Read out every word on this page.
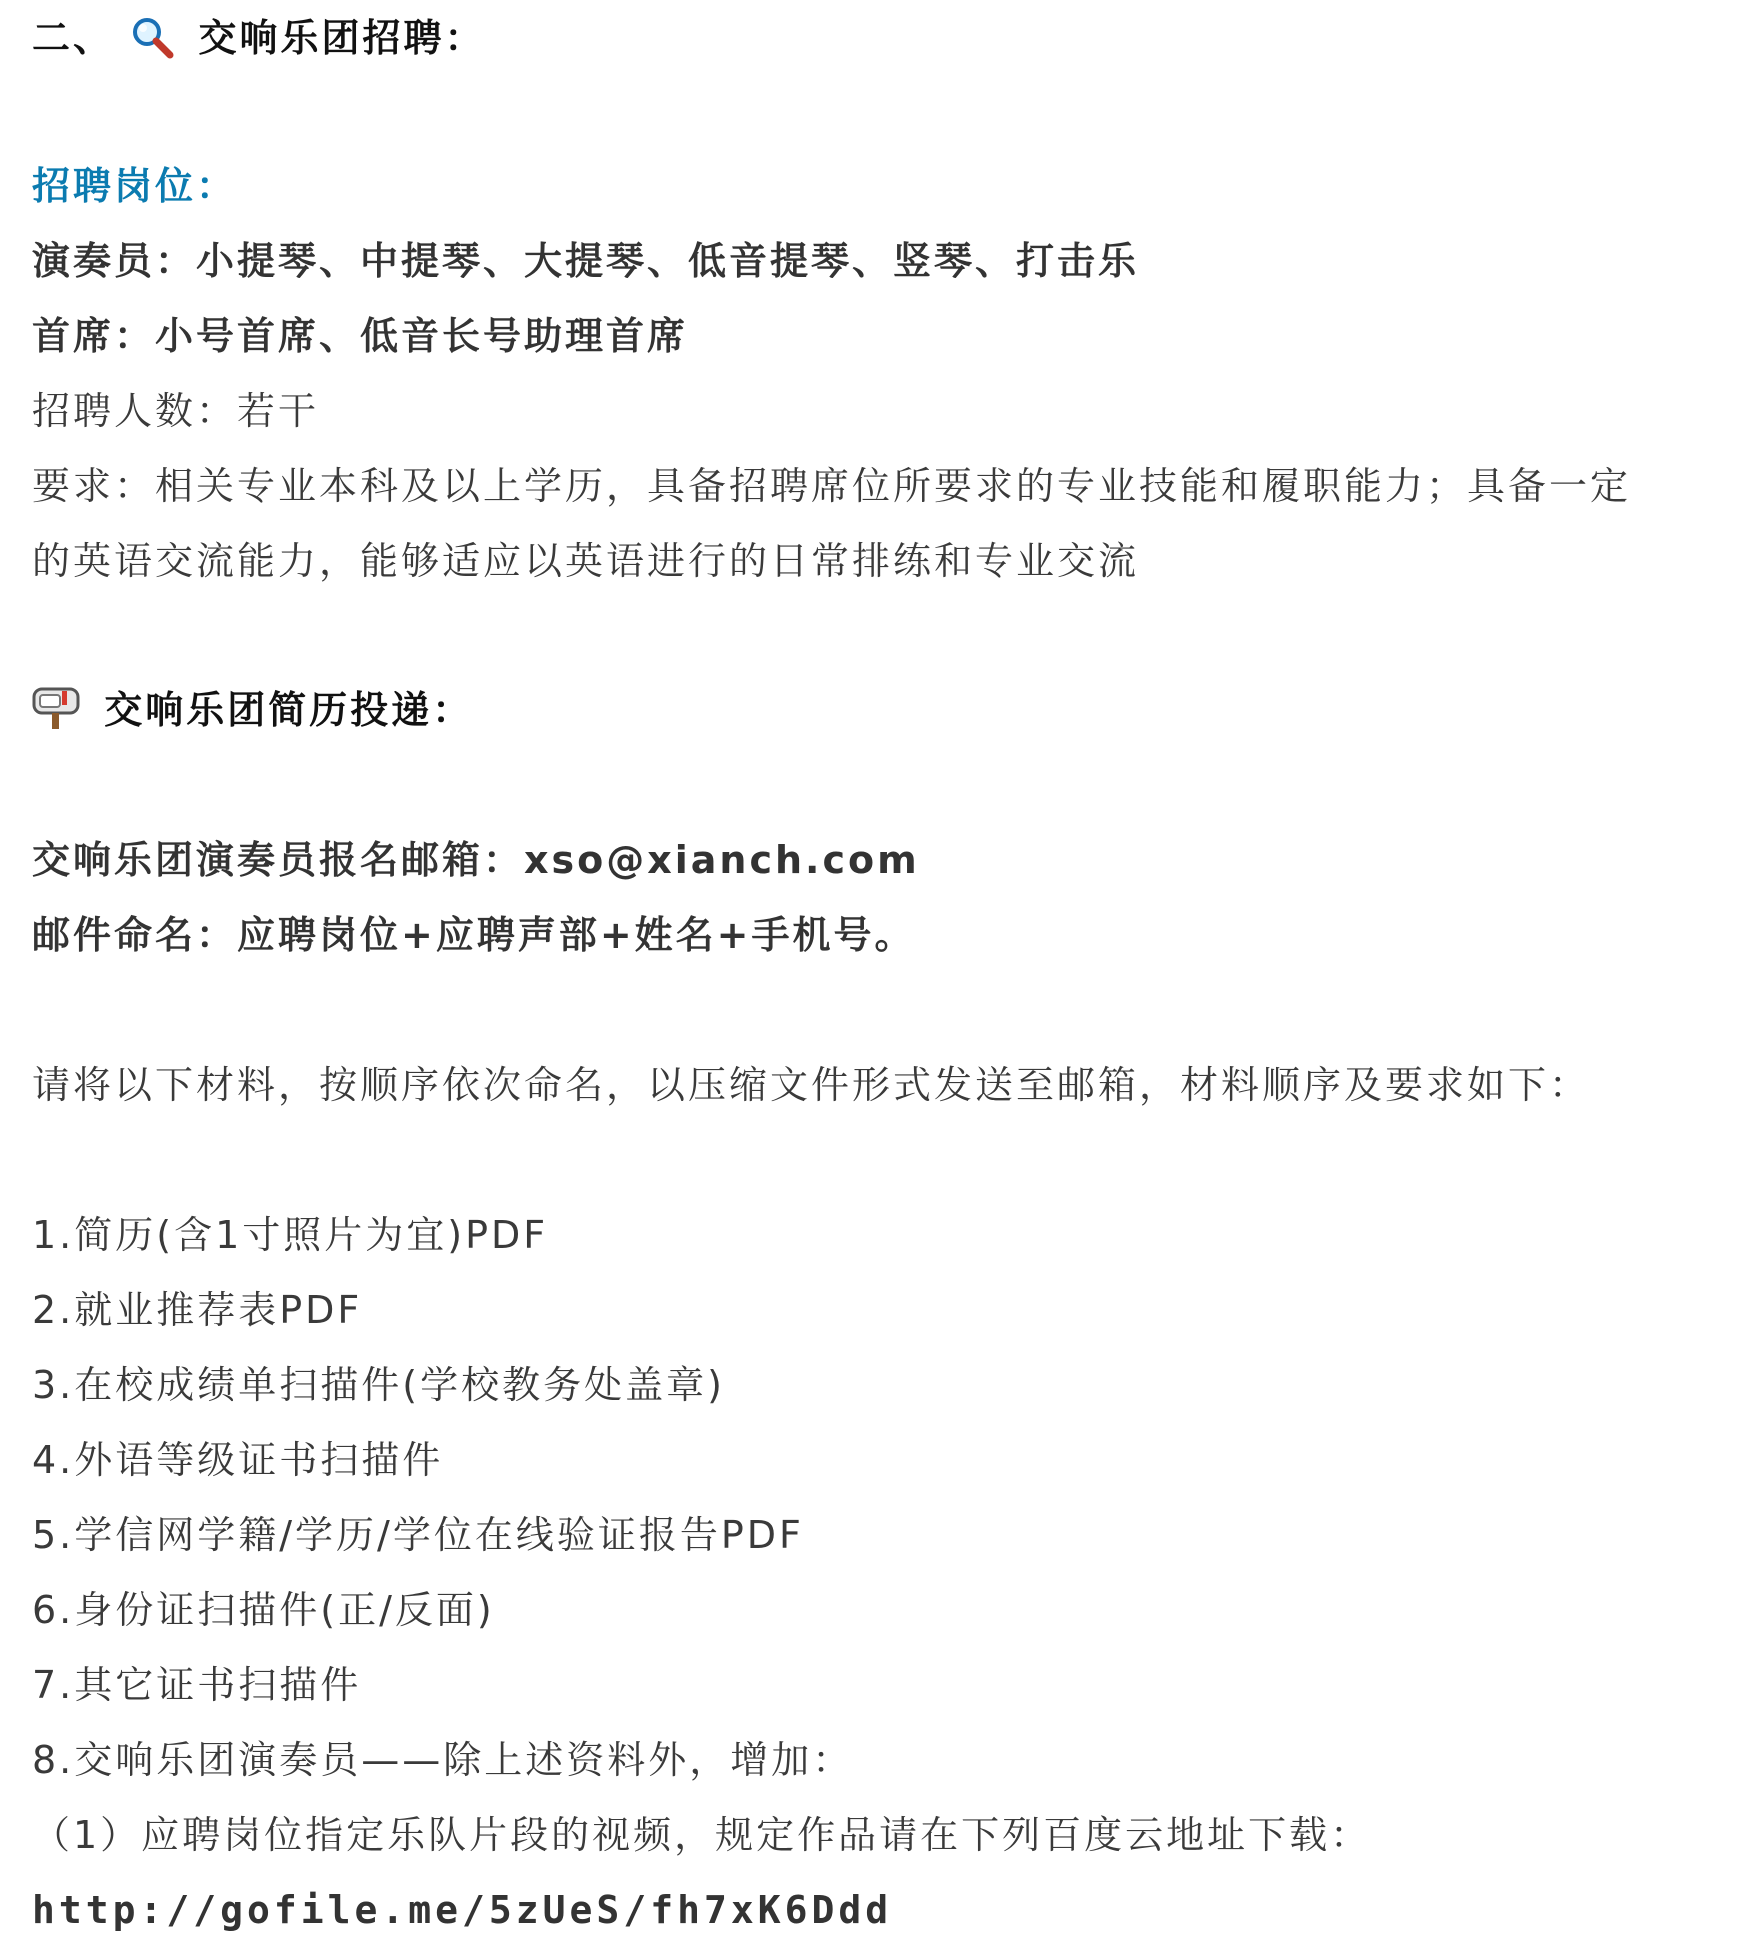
二、 交响乐团招聘：
招聘岗位：
演奏员：小提琴、中提琴、大提琴、低音提琴、竖琴、打击乐
首席：小号首席、低音长号助理首席
招聘人数：若干
要求：相关专业本科及以上学历，具备招聘席位所要求的专业技能和履职能力；具备一定
的英语交流能力，能够适应以英语进行的日常排练和专业交流
交响乐团简历投递：
交响乐团演奏员报名邮箱：xso@xianch.com
邮件命名：应聘岗位+应聘声部+姓名+手机号。
请将以下材料，按顺序依次命名，以压缩文件形式发送至邮箱，材料顺序及要求如下：
1.简历(含1寸照片为宜)PDF
2.就业推荐表PDF
3.在校成绩单扫描件(学校教务处盖章)
4.外语等级证书扫描件
5.学信网学籍/学历/学位在线验证报告PDF
6.身份证扫描件(正/反面)
7.其它证书扫描件
8.交响乐团演奏员——除上述资料外，增加：
（1）应聘岗位指定乐队片段的视频，规定作品请在下列百度云地址下载：
http://gofile.me/5zUeS/fh7xK6Ddd
